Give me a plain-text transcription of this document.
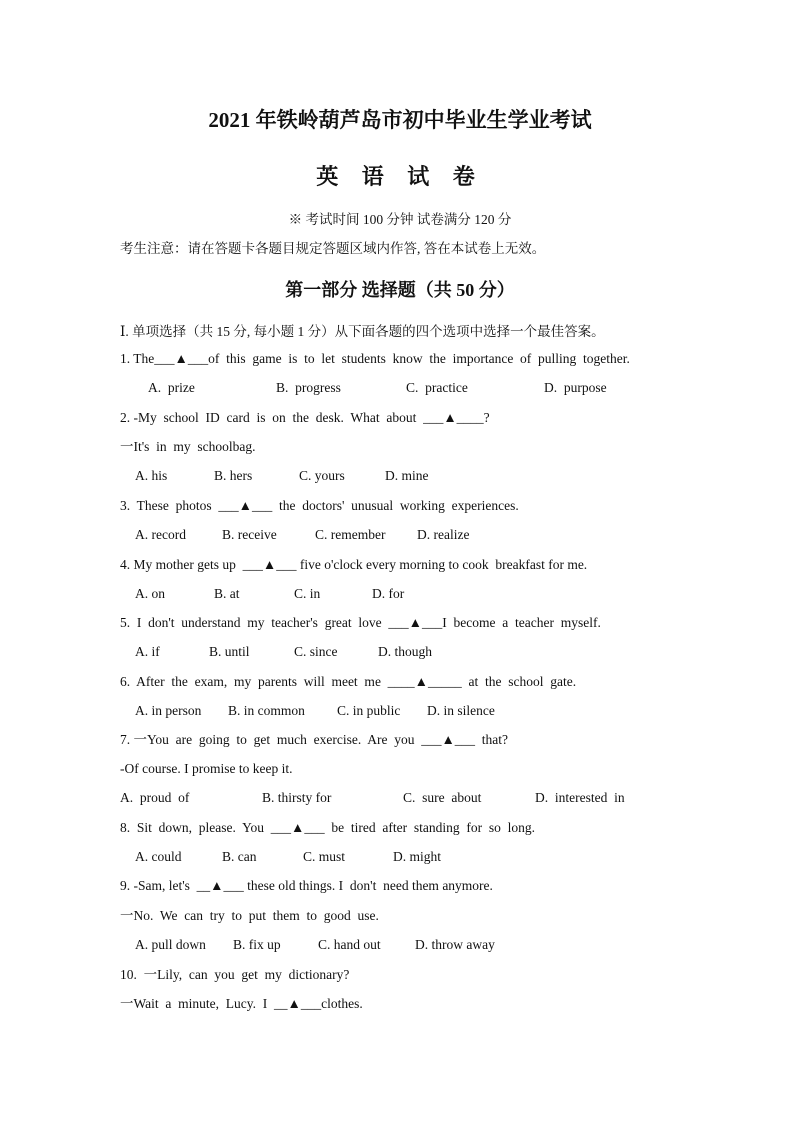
2021 年铁岭葫芦岛市初中毕业生学业考试
英 语 试 卷
※ 考试时间 100 分钟 试卷满分 120 分
考生注意：请在答题卡各题目规定答题区域内作答, 答在本试卷上无效。
第一部分 选择题（共 50 分）
Ⅰ. 单项选择（共 15 分, 每小题 1 分）从下面各题的四个选项中选择一个最佳答案。
1. The___▲___of  this  game  is  to  let  students  know  the  importance  of  pulling  together.
A.  prize	B.  progress	C.  practice	D.  purpose
2. -My  school  ID  card  is  on  the  desk.  What  about  ___▲____?
一It's  in  my  schoolbag.
A. his	B. hers	C. yours	D. mine
3.  These  photos  ___▲___  the  doctors'  unusual  working  experiences.
A. record	B. receive	C. remember D. realize
4. My mother gets up  ___▲___ five o'clock every morning to cook  breakfast for me.
A. on	B. at	C. in	D. for
5.  I  don't  understand  my  teacher's  great  love  ___▲___I  become  a  teacher  myself.
A. if	B. until	C. since	D. though
6.  After  the  exam,  my  parents  will  meet  me  ____▲_____  at  the  school  gate.
A. in person B. in common C. in public D. in silence
7. 一You  are  going  to  get  much  exercise.  Are  you  ___▲___  that?
-Of course. I promise to keep it.
A.  proud  of	B. thirsty for	C.  sure  about	D.  interested  in
8.  Sit  down,  please.  You  ___▲___  be  tired  after  standing  for  so  long.
A. could	B. can	C. must	D. might
9. -Sam, let's  __▲___ these old things. I  don't  need them anymore.
一No.  We  can  try  to  put  them  to  good  use.
A. pull down B. fix up	C. hand out	D. throw away
10.  一Lily,  can  you  get  my  dictionary?
一Wait  a  minute,  Lucy.  I  __▲___clothes.
